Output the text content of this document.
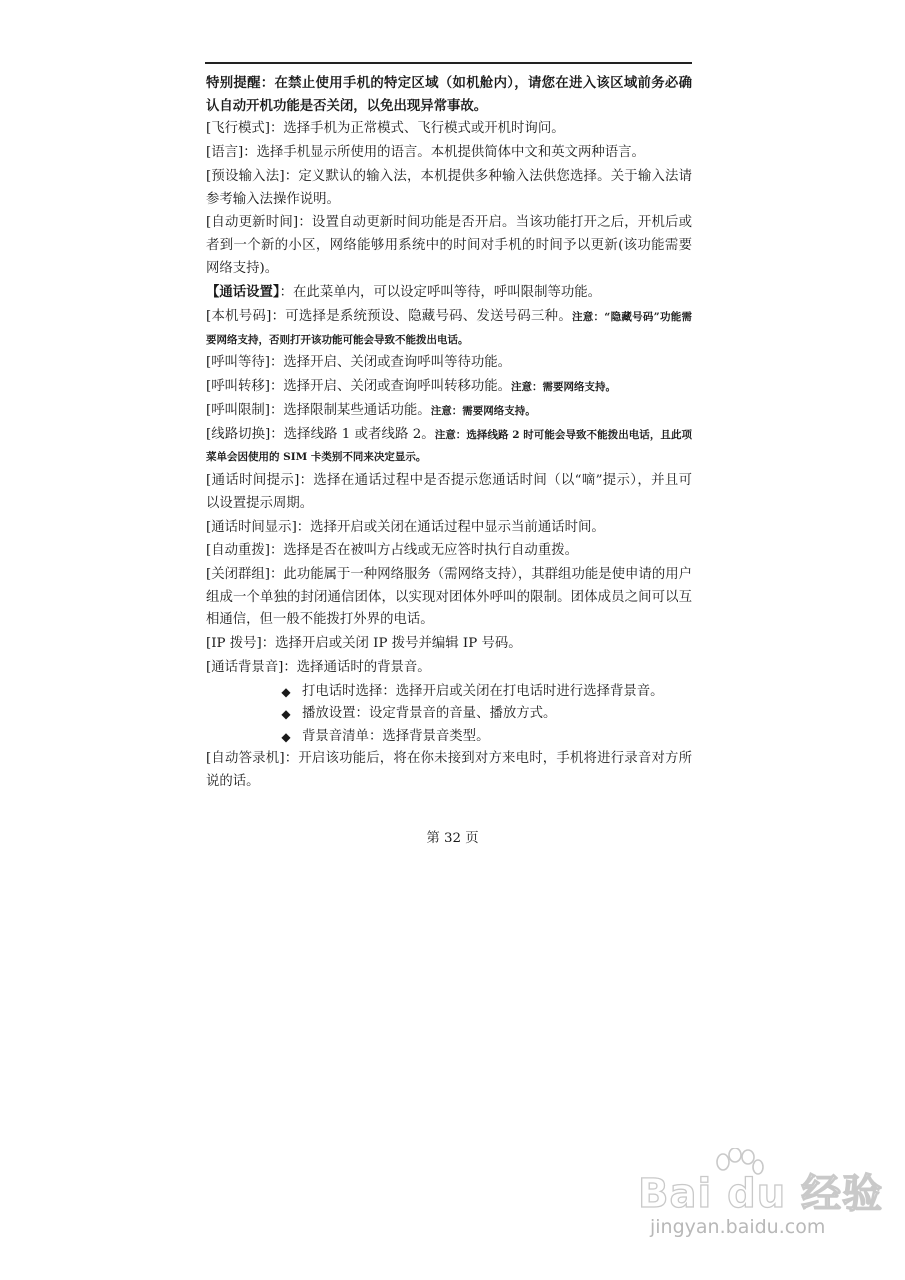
特别提醒：在禁止使用手机的特定区域（如机舱内），请您在进入该区域前务必确认自动开机功能是否关闭，以免出现异常事故。

[飞行模式]：选择手机为正常模式、飞行模式或开机时询问。

[语言]：选择手机显示所使用的语言。本机提供简体中文和英文两种语言。

[预设输入法]：定义默认的输入法，本机提供多种输入法供您选择。关于输入法请参考输入法操作说明。

[自动更新时间]：设置自动更新时间功能是否开启。当该功能打开之后，开机后或者到一个新的小区，网络能够用系统中的时间对手机的时间予以更新(该功能需要网络支持)。

【通话设置】：在此菜单内，可以设定呼叫等待，呼叫限制等功能。

[本机号码]：可选择是系统预设、隐藏号码、发送号码三种。注意：“隐藏号码”功能需要网络支持，否则打开该功能可能会导致不能拨出电话。

[呼叫等待]：选择开启、关闭或查询呼叫等待功能。

[呼叫转移]：选择开启、关闭或查询呼叫转移功能。注意：需要网络支持。

[呼叫限制]：选择限制某些通话功能。注意：需要网络支持。

[线路切换]：选择线路 1 或者线路 2。注意：选择线路 2 时可能会导致不能拨出电话，且此项菜单会因使用的 SIM 卡类别不同来决定显示。

[通话时间提示]：选择在通话过程中是否提示您通话时间（以“嘀”提示），并且可以设置提示周期。

[通话时间显示]：选择开启或关闭在通话过程中显示当前通话时间。

[自动重拨]：选择是否在被叫方占线或无应答时执行自动重拨。

[关闭群组]：此功能属于一种网络服务（需网络支持），其群组功能是使申请的用户组成一个单独的封闭通信团体，以实现对团体外呼叫的限制。团体成员之间可以互相通信，但一般不能拨打外界的电话。

[IP 拨号]：选择开启或关闭 IP 拨号并编辑 IP 号码。

[通话背景音]：选择通话时的背景音。

◆ 打电话时选择：选择开启或关闭在打电话时进行选择背景音。
◆ 播放设置：设定背景音的音量、播放方式。
◆ 背景音清单：选择背景音类型。

[自动答录机]：开启该功能后，将在你未接到对方来电时，手机将进行录音对方所说的话。

第 32 页
Bai du 经验
jingyan.baidu.com
